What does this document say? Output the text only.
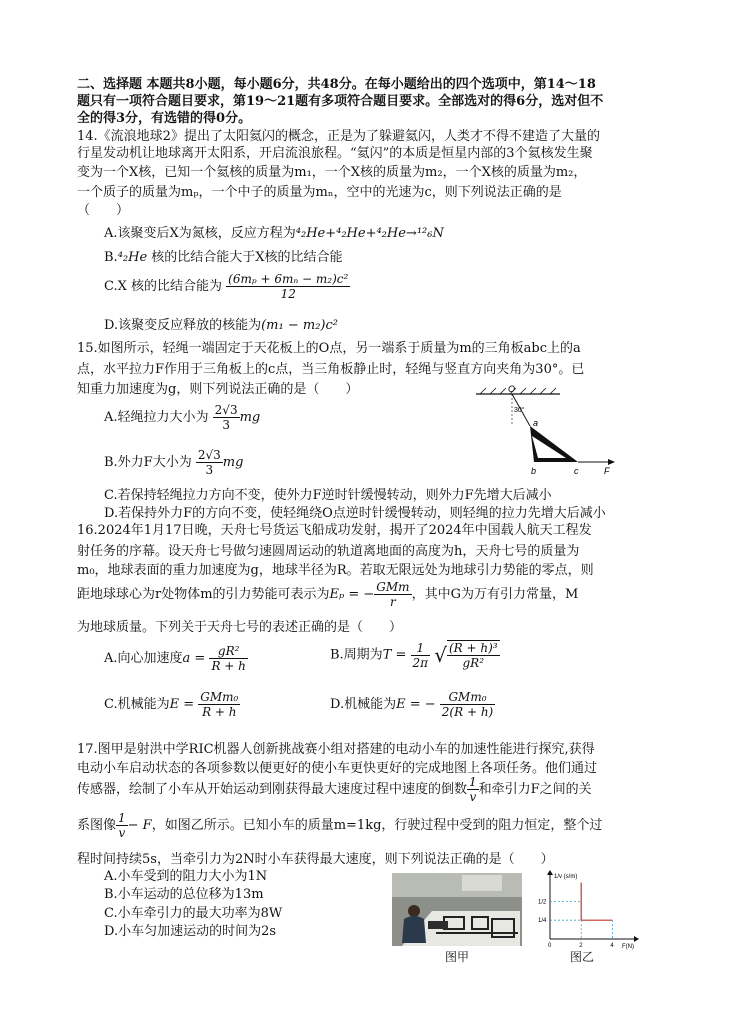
二、选择题 本题共8小题，每小题6分，共48分。在每小题给出的四个选项中，第14～18
题只有一项符合题目要求，第19～21题有多项符合题目要求。全部选对的得6分，选对但不
全的得3分，有选错的得0分。
14.《流浪地球2》提出了太阳氦闪的概念，正是为了躲避氦闪，人类才不得不建造了大量的
行星发动机让地球离开太阳系，开启流浪旅程。“氦闪”的本质是恒星内部的3个氦核发生聚
变为一个X核，已知一个氦核的质量为m₁，一个X核的质量为m₂，一个X核的质量为m₂，
一个质子的质量为mₚ，一个中子的质量为mₙ，空中的光速为c，则下列说法正确的是
（　　）
A.该聚变后X为氮核，反应方程为⁴₂He+⁴₂He+⁴₂He→¹²₆N
B.⁴₂He 核的比结合能大于X核的比结合能
C.X 核的比结合能为 $\frac{\text{(6mₚ + 6mₙ − m₂)c²}}{12}$
D.该聚变反应释放的核能为(m₁ − m₂)c²
15.如图所示，轻绳一端固定于天花板上的O点，另一端系于质量为m的三角板abc上的a
点，水平拉力F作用于三角板上的c点，当三角板静止时，轻绳与竖直方向夹角为30°。已
知重力加速度为g，则下列说法正确的是（　　）
A.轻绳拉力大小为 $\frac{2√3}{3}$ mg
B.外力F大小为 $\frac{2√3}{3}$ mg
C.若保持轻绳拉力方向不变，使外力F逆时针缓慢转动，则外力F先增大后减小
D.若保持外力F的方向不变，使轻绳绕O点逆时针缓慢转动，则轻绳的拉力先增大后减小
O
30°
a
b	c	F
16.2024年1月17日晚，天舟七号货运飞船成功发射，揭开了2024年中国载人航天工程发
射任务的序幕。设天舟七号做匀速圆周运动的轨道离地面的高度为h，天舟七号的质量为
m₀，地球表面的重力加速度为g，地球半径为R。若取无限远处为地球引力势能的零点，则
距地球球心为r处物体m的引力势能可表示为Eₚ = − $\frac{\text{GMm}}{r}$ ，其中G为万有引力常量，M
为地球质量。下列关于天舟七号的表述正确的是（　　）
A.向心加速度$a = \frac{\text{gR²}}{R + h}$	B.周期为$T = \frac{1}{2\pi}$ √ $\frac{\text{(R + h)³}}{\text{gR²}}$
C.机械能为$E = \frac{\text{GMm₀}}{R + h}$	D.机械能为E = − $\frac{\text{GMm₀}}{2(R + h)}$
17.图甲是射洪中学RIC机器人创新挑战赛小组对搭建的电动小车的加速性能进行探究,获得
电动小车启动状态的各项参数以便更好的使小车更快更好的完成地图上各项任务。他们通过
传感器，绘制了小车从开始运动到刚获得最大速度过程中速度的倒数 $\frac{1}{v}$ 和牵引力F之间的关
系图像 $\frac{1}{v} - F$，如图乙所示。已知小车的质量m=1kg，行驶过程中受到的阻力恒定，整个过
程时间持续5s，当牵引力为2N时小车获得最大速度，则下列说法正确的是（　　）
A.小车受到的阻力大小为1N
B.小车运动的总位移为13m
C.小车牵引力的最大功率为8W
D.小车匀加速运动的时间为2s
图甲
0	2	4
1/4
1/2
1/v (s/m)
F(N)
图乙
